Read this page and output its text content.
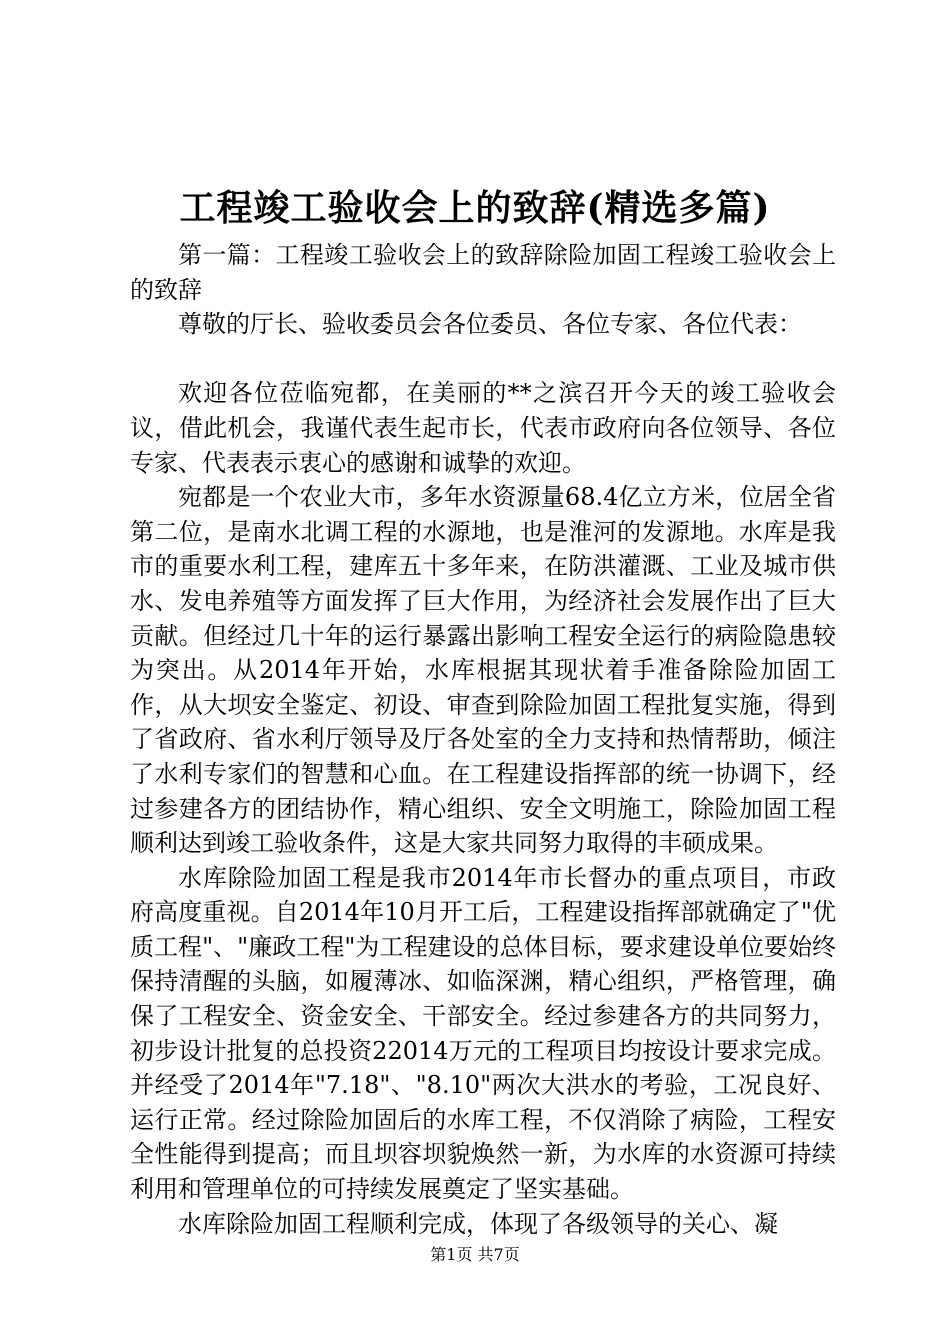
工程竣工验收会上的致辞(精选多篇)

第一篇：工程竣工验收会上的致辞除险加固工程竣工验收会上的致辞

尊敬的厅长、验收委员会各位委员、各位专家、各位代表：

欢迎各位莅临宛都，在美丽的**之滨召开今天的竣工验收会议，借此机会，我谨代表生起市长，代表市政府向各位领导、各位专家、代表表示衷心的感谢和诚挚的欢迎。

宛都是一个农业大市，多年水资源量68.4亿立方米，位居全省第二位，是南水北调工程的水源地，也是淮河的发源地。水库是我市的重要水利工程，建库五十多年来，在防洪灌溉、工业及城市供水、发电养殖等方面发挥了巨大作用，为经济社会发展作出了巨大贡献。但经过几十年的运行暴露出影响工程安全运行的病险隐患较为突出。从2014年开始，水库根据其现状着手准备除险加固工作，从大坝安全鉴定、初设、审查到除险加固工程批复实施，得到了省政府、省水利厅领导及厅各处室的全力支持和热情帮助，倾注了水利专家们的智慧和心血。在工程建设指挥部的统一协调下，经过参建各方的团结协作，精心组织、安全文明施工，除险加固工程顺利达到竣工验收条件，这是大家共同努力取得的丰硕成果。

水库除险加固工程是我市2014年市长督办的重点项目，市政府高度重视。自2014年10月开工后，工程建设指挥部就确定了"优质工程"、"廉政工程"为工程建设的总体目标，要求建设单位要始终保持清醒的头脑，如履薄冰、如临深渊，精心组织，严格管理，确保了工程安全、资金安全、干部安全。经过参建各方的共同努力，初步设计批复的总投资22014万元的工程项目均按设计要求完成。并经受了2014年"7.18"、"8.10"两次大洪水的考验，工况良好、运行正常。经过除险加固后的水库工程，不仅消除了病险，工程安全性能得到提高；而且坝容坝貌焕然一新，为水库的水资源可持续利用和管理单位的可持续发展奠定了坚实基础。

水库除险加固工程顺利完成，体现了各级领导的关心、凝

第1页 共7页
